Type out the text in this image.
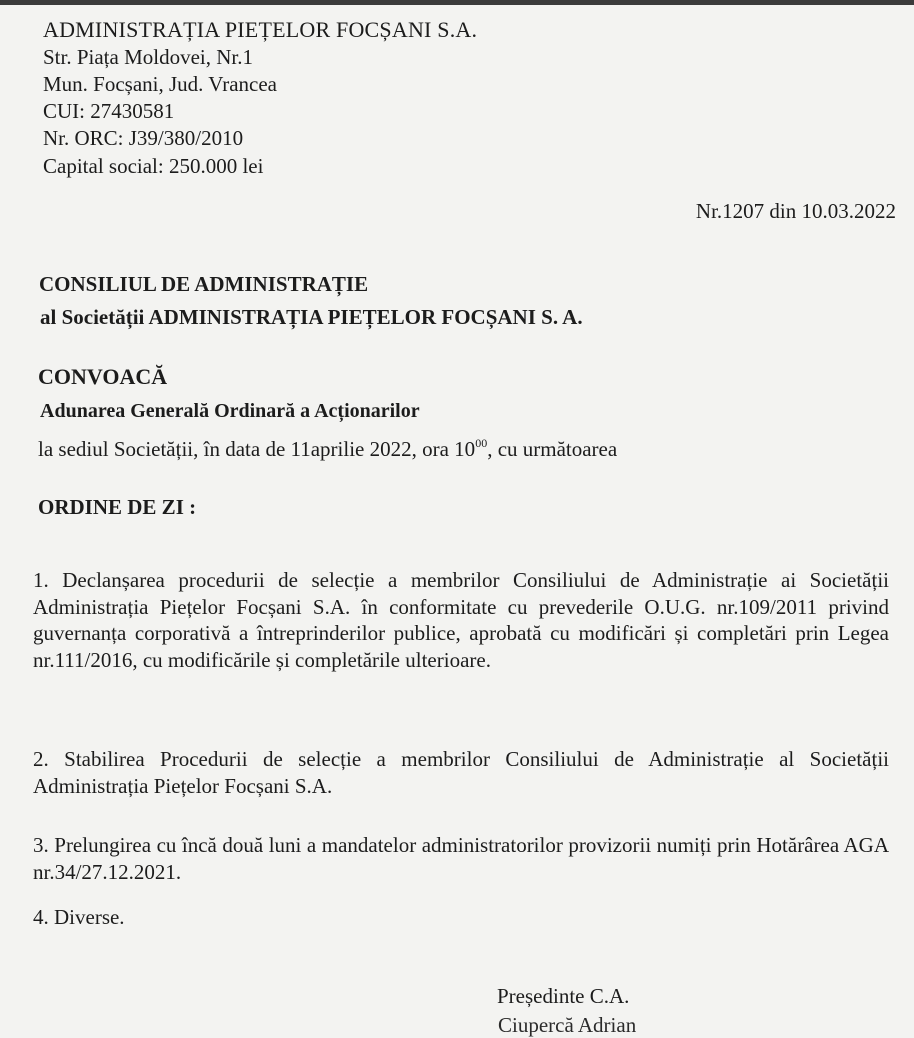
ADMINISTRAȚIA PIEȚELOR FOCȘANI S.A.
Str. Piața Moldovei, Nr.1
Mun. Focșani, Jud. Vrancea
CUI: 27430581
Nr. ORC: J39/380/2010
Capital social: 250.000 lei
Nr.1207 din 10.03.2022
CONSILIUL DE ADMINISTRAȚIE
al Societății ADMINISTRAȚIA PIEȚELOR FOCȘANI S. A.
CONVOACĂ
Adunarea Generală Ordinară a Acționarilor
la sediul Societății, în data de 11aprilie 2022, ora $10^{00}$, cu următoarea
ORDINE DE ZI :
1. Declanșarea procedurii de selecție a membrilor Consiliului de Administrație ai Societății Administrația Piețelor Focșani S.A. în conformitate cu prevederile O.U.G. nr.109/2011 privind guvernanța corporativă a întreprinderilor publice, aprobată cu modificări și completări prin Legea nr.111/2016, cu modificările și completările ulterioare.
2. Stabilirea Procedurii de selecție a membrilor Consiliului de Administrație al Societății Administrația Piețelor Focșani S.A.
3. Prelungirea cu încă două luni a mandatelor administratorilor provizorii numiți prin Hotărârea AGA nr.34/27.12.2021.
4. Diverse.
Președinte C.A.
Ciupercă Adrian
